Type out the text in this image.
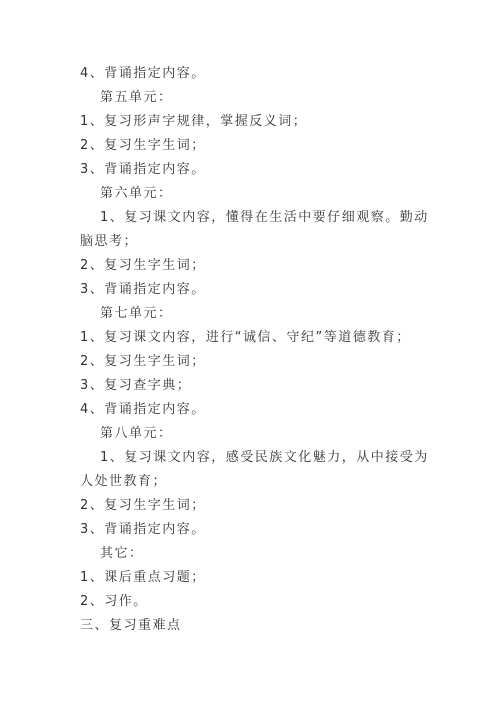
4、背诵指定内容。
第五单元：
1、复习形声字规律，掌握反义词；
2、复习生字生词；
3、背诵指定内容。
第六单元：
1、复习课文内容，懂得在生活中要仔细观察。勤动脑思考；
2、复习生字生词；
3、背诵指定内容。
第七单元：
1、复习课文内容，进行“诚信、守纪”等道德教育；
2、复习生字生词；
3、复习查字典；
4、背诵指定内容。
第八单元：
1、复习课文内容，感受民族文化魅力，从中接受为人处世教育；
2、复习生字生词；
3、背诵指定内容。
其它：
1、课后重点习题；
2、习作。
三、复习重难点
